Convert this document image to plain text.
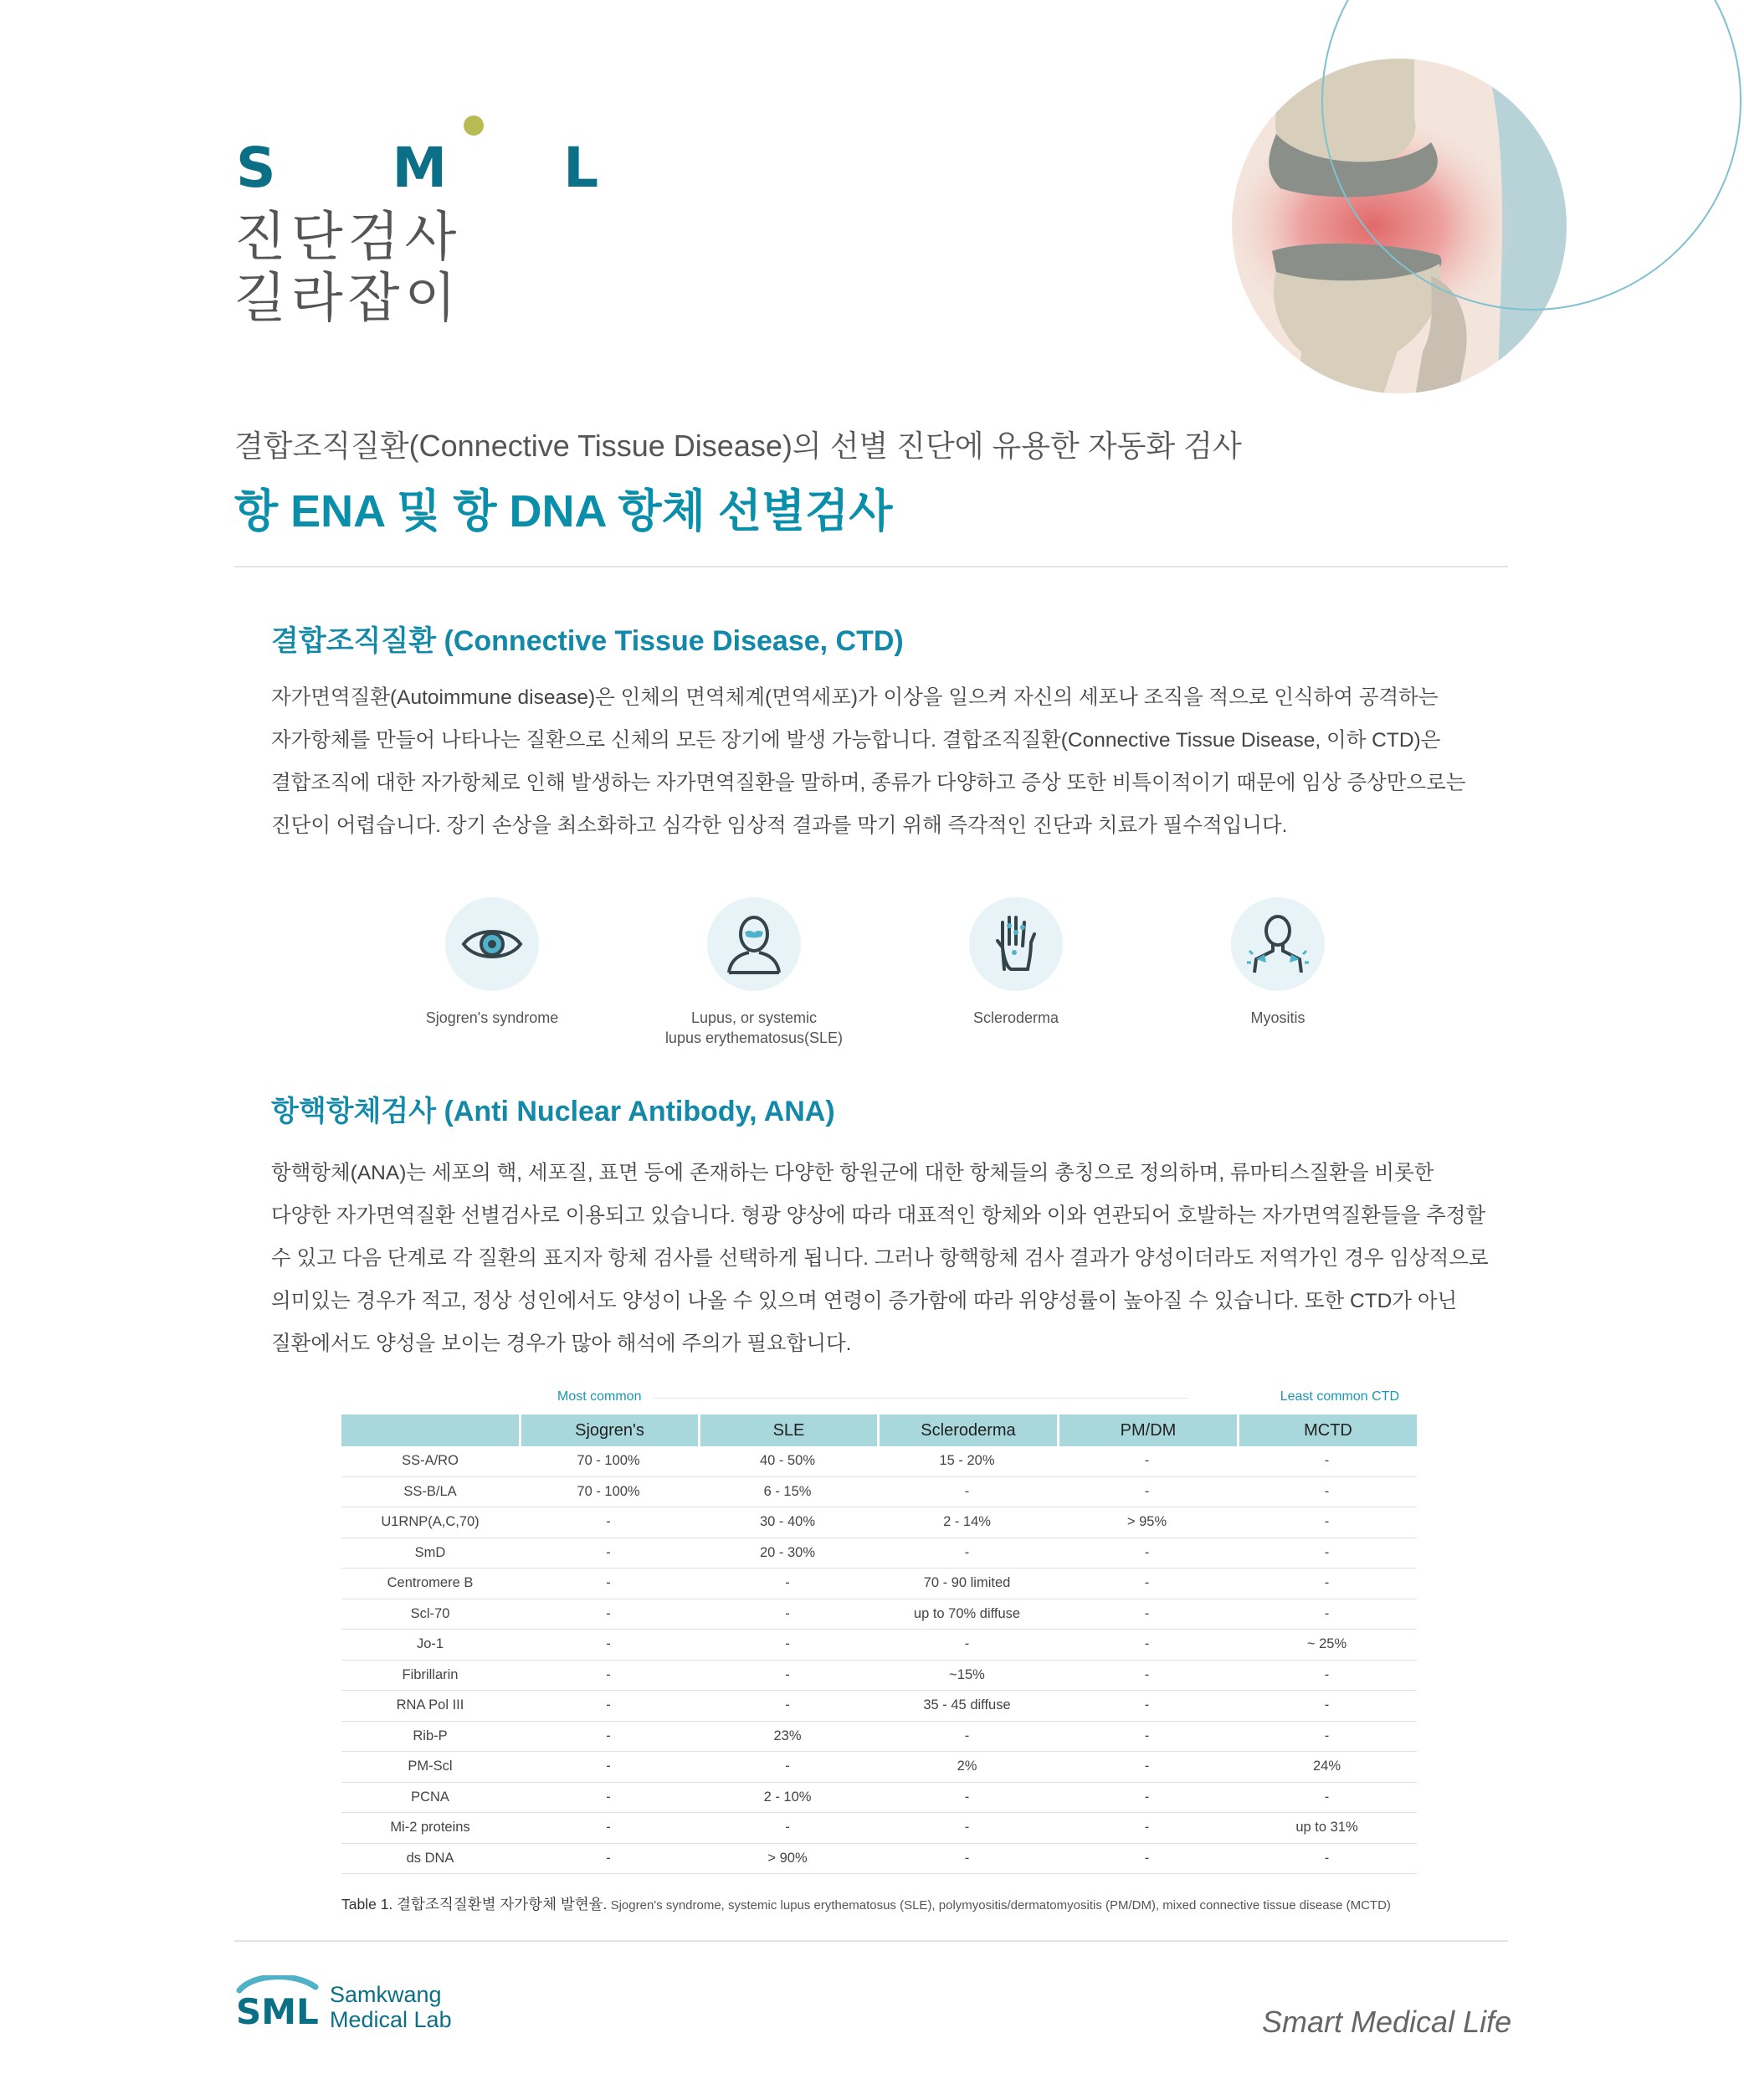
S M L
진단검사
길라잡이
결합조직질환(Connective Tissue Disease)의 선별 진단에 유용한 자동화 검사
항 ENA 및 항 DNA 항체 선별검사
결합조직질환 (Connective Tissue Disease, CTD)

자가면역질환(Autoimmune disease)은 인체의 면역체계(면역세포)가 이상을 일으켜 자신의 세포나 조직을 적으로 인식하여 공격하는

자가항체를 만들어 나타나는 질환으로 신체의 모든 장기에 발생 가능합니다. 결합조직질환(Connective Tissue Disease, 이하 CTD)은

결합조직에 대한 자가항체로 인해 발생하는 자가면역질환을 말하며, 종류가 다양하고 증상 또한 비특이적이기 때문에 임상 증상만으로는

진단이 어렵습니다. 장기 손상을 최소화하고 심각한 임상적 결과를 막기 위해 즉각적인 진단과 치료가 필수적입니다.

Sjogren's syndrome	Lupus, or systemic
lupus erythematosus(SLE)
Scleroderma	Myositis
항핵항체검사 (Anti Nuclear Antibody, ANA)

항핵항체(ANA)는 세포의 핵, 세포질, 표면 등에 존재하는 다양한 항원군에 대한 항체들의 총칭으로 정의하며, 류마티스질환을 비롯한

다양한 자가면역질환 선별검사로 이용되고 있습니다. 형광 양상에 따라 대표적인 항체와 이와 연관되어 호발하는 자가면역질환들을 추정할

수 있고 다음 단계로 각 질환의 표지자 항체 검사를 선택하게 됩니다. 그러나 항핵항체 검사 결과가 양성이더라도 저역가인 경우 임상적으로

의미있는 경우가 적고, 정상 성인에서도 양성이 나올 수 있으며 연령이 증가함에 따라 위양성률이 높아질 수 있습니다. 또한 CTD가 아닌

질환에서도 양성을 보이는 경우가 많아 해석에 주의가 필요합니다.

Most common	Least common CTD
	Sjogren's	SLE	Scleroderma	PM/DM	MCTD
SS-A/RO	70 - 100%	40 - 50%	15 - 20%	-	-
SS-B/LA	70 - 100%	6 - 15%	-	-	-
U1RNP(A,C,70)	-	30 - 40%	2 - 14%	> 95%	-
SmD	-	20 - 30%	-	-	-
Centromere B	-	-	70 - 90 limited	-	-
Scl-70	-	-	up to 70% diffuse	-	-
Jo-1	-	-	-	-	~ 25%
Fibrillarin	-	-	~15%	-	-
RNA Pol III	-	-	35 - 45 diffuse	-	-
Rib-P	-	23%	-	-	-
PM-Scl	-	-	2%	-	24%
PCNA	-	2 - 10%	-	-	-
Mi-2 proteins	-	-	-	-	up to 31%
ds DNA	-	> 90%	-	-	-
Table 1. 결합조직질환별 자가항체 발현율. Sjogren's syndrome, systemic lupus erythematosus (SLE), polymyositis/dermatomyositis (PM/DM), mixed connective tissue disease (MCTD)
SML Samkwang
Medical Lab	Smart Medical Life
